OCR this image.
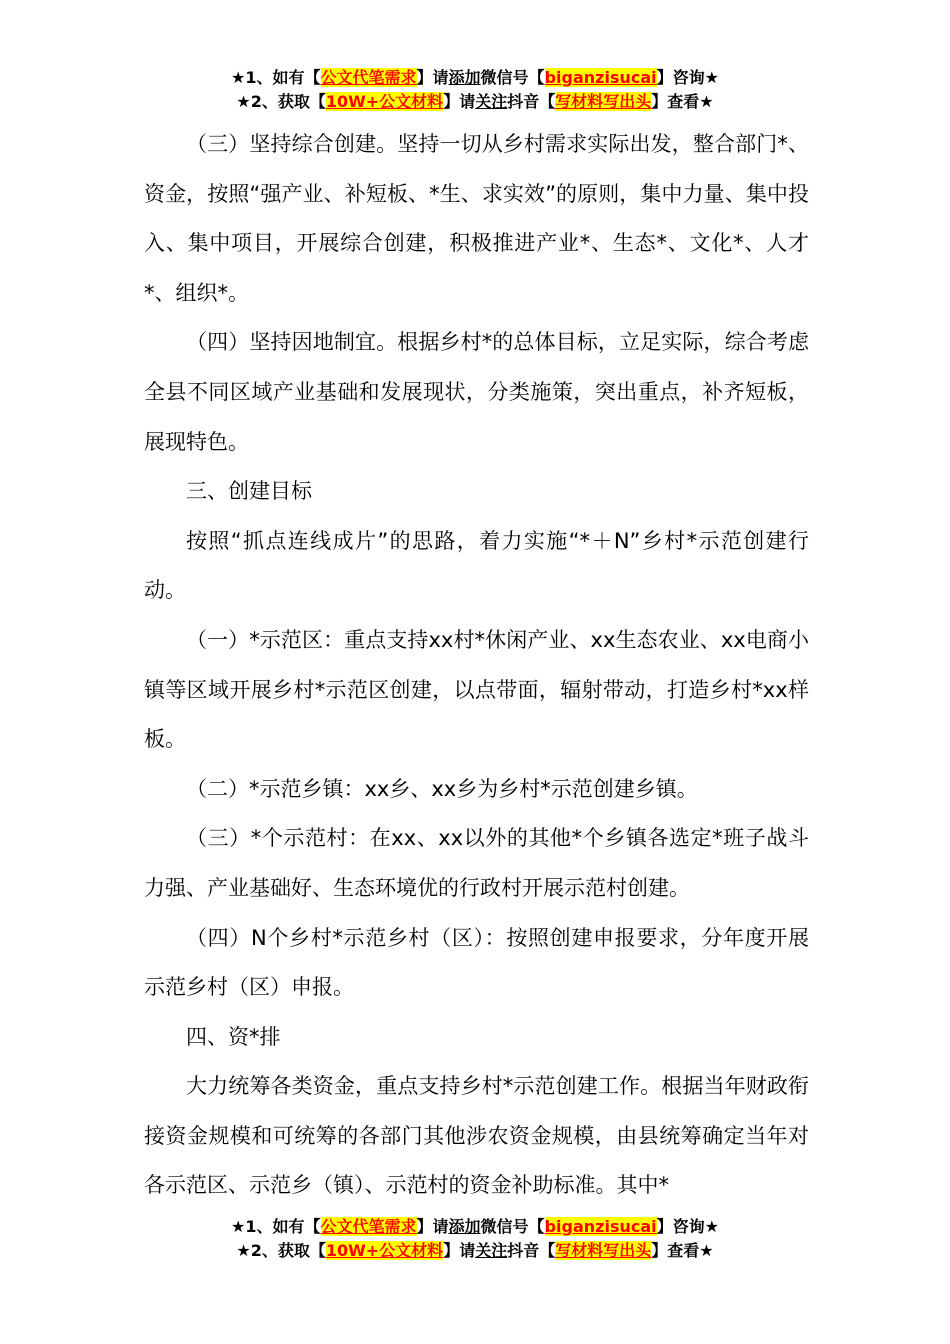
★1、如有【公文代笔需求】请添加微信号【biganzisucai】咨询★
★2、获取【10W+公文材料】请关注抖音【写材料写出头】查看★

（三）坚持综合创建。坚持一切从乡村需求实际出发，整合部门*、资金，按照“强产业、补短板、*生、求实效”的原则，集中力量、集中投入、集中项目，开展综合创建，积极推进产业*、生态*、文化*、人才*、组织*。

（四）坚持因地制宜。根据乡村*的总体目标，立足实际，综合考虑全县不同区域产业基础和发展现状，分类施策，突出重点，补齐短板，展现特色。

三、创建目标

按照“抓点连线成片”的思路，着力实施“*＋N”乡村*示范创建行动。

（一）*示范区：重点支持xx村*休闲产业、xx生态农业、xx电商小镇等区域开展乡村*示范区创建，以点带面，辐射带动，打造乡村*xx样板。

（二）*示范乡镇：xx乡、xx乡为乡村*示范创建乡镇。

（三）*个示范村：在xx、xx以外的其他*个乡镇各选定*班子战斗力强、产业基础好、生态环境优的行政村开展示范村创建。

（四）N个乡村*示范乡村（区）：按照创建申报要求，分年度开展示范乡村（区）申报。

四、资*排

大力统筹各类资金，重点支持乡村*示范创建工作。根据当年财政衔接资金规模和可统筹的各部门其他涉农资金规模，由县统筹确定当年对各示范区、示范乡（镇）、示范村的资金补助标准。其中*

★1、如有【公文代笔需求】请添加微信号【biganzisucai】咨询★
★2、获取【10W+公文材料】请关注抖音【写材料写出头】查看★
